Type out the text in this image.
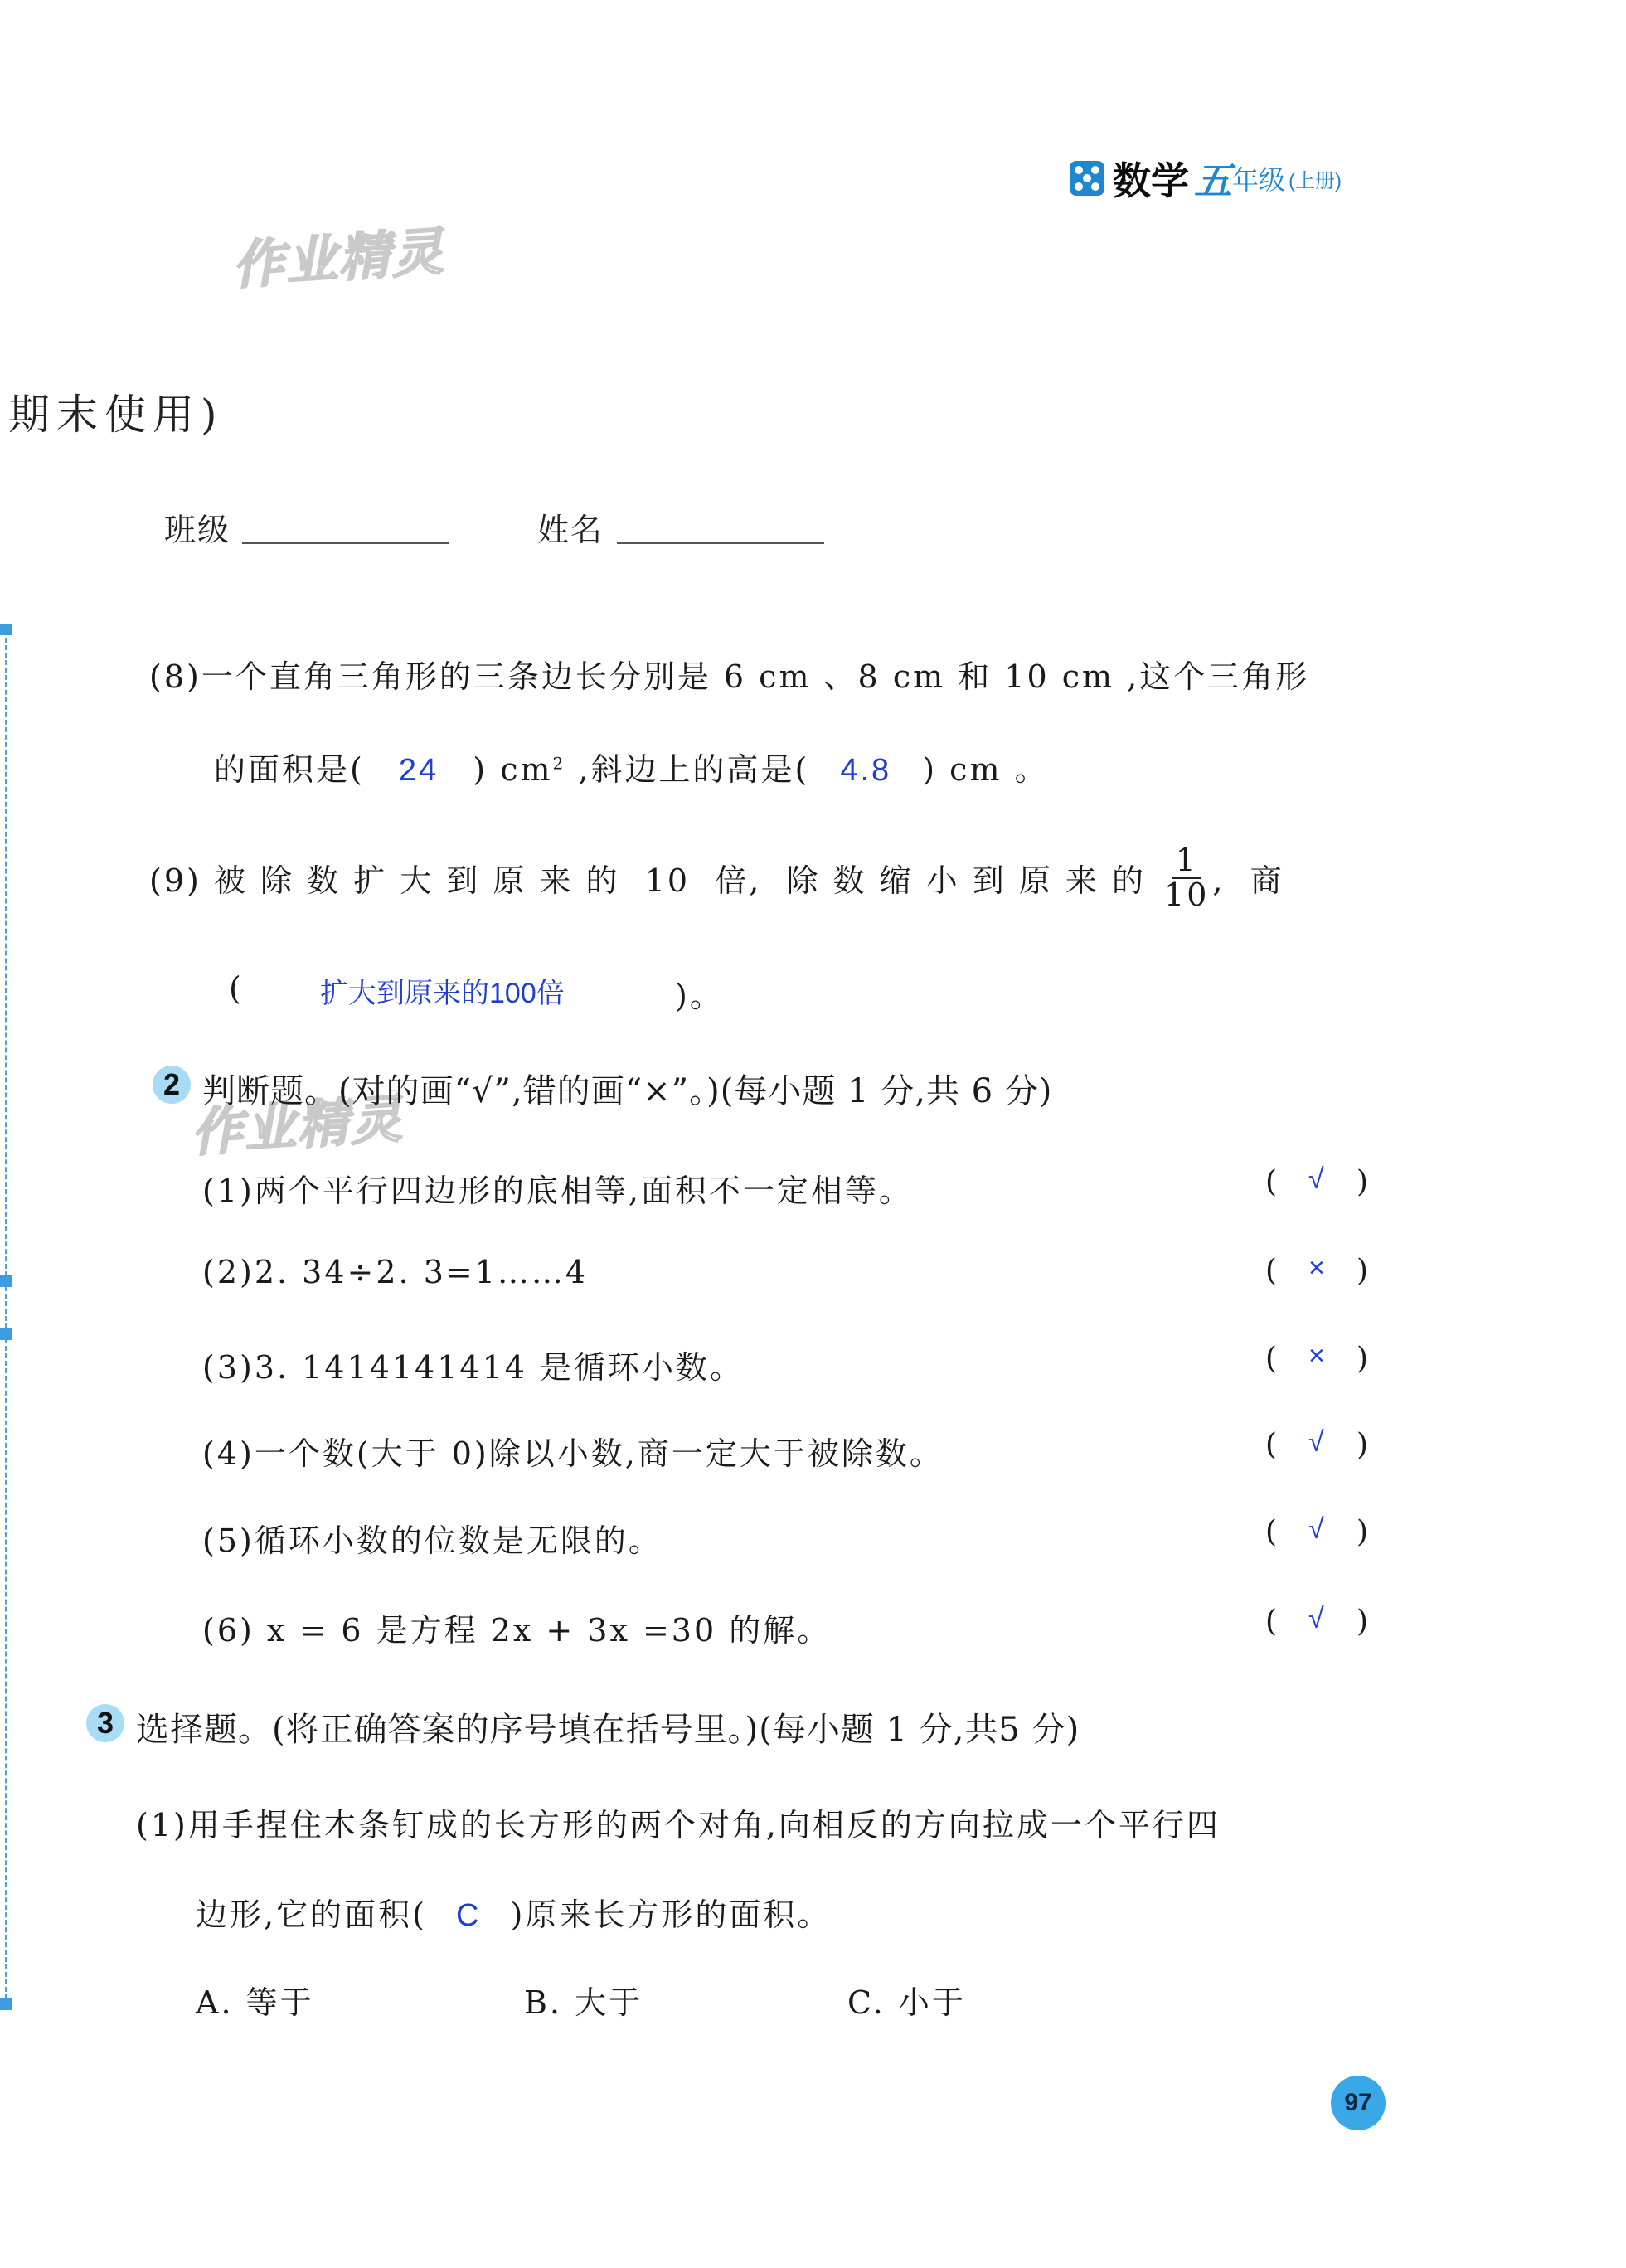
数学 五 年级 (上册)
作业精灵
作业精灵
期末使用)
班级	姓名
(8)一个直角三角形的三条边长分别是 6 cm 、8 cm 和 10 cm ,这个三角形
的面积是( 24 ) $cm^2$ ,斜边上的高是( 4.8 ) cm 。
(9) 被 除 数 扩 大 到 原 来 的  10  倍,  除 数 缩 小 到 原 来 的 $\frac{1}{10}$ ,  商
(	扩大到原来的100倍	)。
2 判断题。(对的画“√”,错的画“×”。)(每小题 1 分,共 6 分)
(1)两个平行四边形的底相等,面积不一定相等。	( √ )
(2)2. 34÷2. 3=1……4	( × )
(3)3. 1414141414 是循环小数。	( × )
(4)一个数(大于 0)除以小数,商一定大于被除数。	( √ )
(5)循环小数的位数是无限的。	( √ )
(6) x = 6 是方程 2x + 3x =30 的解。	( √ )
3 选择题。(将正确答案的序号填在括号里。)(每小题 1 分,共5 分)
(1)用手捏住木条钉成的长方形的两个对角,向相反的方向拉成一个平行四
边形,它的面积( C )原来长方形的面积。
A. 等于	B. 大于	C. 小于
97
